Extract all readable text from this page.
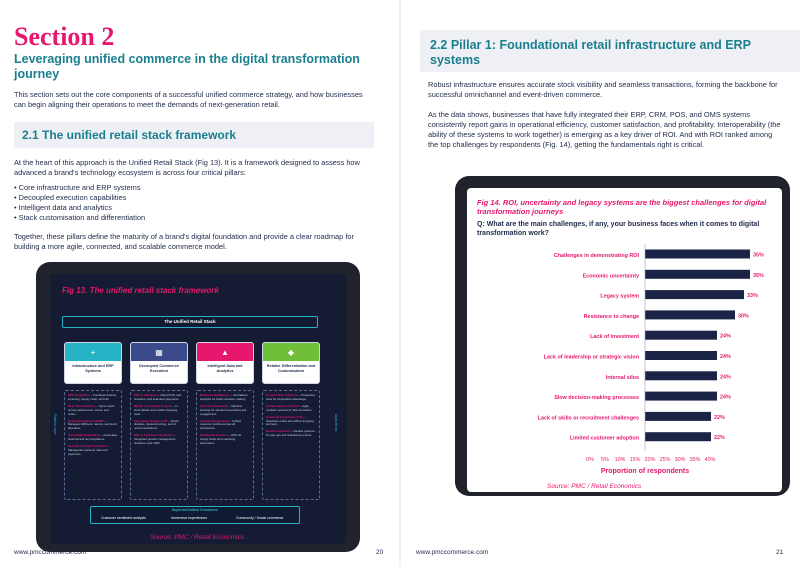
Section 2
Leveraging unified commerce in the digital transformation journey
This section sets out the core components of a successful unified commerce strategy, and how businesses can begin aligning their operations to meet the demands of next-generation retail.
2.1 The unified retail stack framework
At the heart of this approach is the Unified Retail Stack (Fig 13). It is a framework designed to assess how advanced a brand's technology ecosystem is across four critical pillars:
• Core infrastructure and ERP systems
• Decoupled execution capabilities
• Intelligent data and analytics
• Stack customisation and differentiation
Together, these pillars define the maturity of a brand's digital foundation and provide a clear roadmap for building a more agile, connected, and scalable commerce model.
Fig 13. The unified retail stack framework
The Unified Retail Stack
Platform Layer	Applications
+
Infrastructure and ERP Systems
▦
Decoupled Commerce Execution
▲
Intelligent Data and Analytics
◆
Retailer Differentiation and Customisation

ERP Integration – Combines finance, inventory, supply chain, and HR.

Real-Time Inventory – Syncs stock across warehouses, stores, and online.

Order Management (OMS) – Manages fulfilment, returns, and stock allocation.

Automated Compliance – Automates financial and tax compliance.

Security & Fraud Prevention – Safeguards customer data and payments.

POS & Checkout – Cloud POS, self-checkout, and seamless payments.

Mobile & Customer Devices – In-store tablets and mobile shopping tools.

Experience Engine & AP – Smart displays, dynamic pricing, and AI recommendations.

Web & Commerce Platforms – Integrated product management, checkout, and CRM.

Business Intelligence – Centralised analytics for better decision-making.

AI & Personalisation – Machine learning for demand forecasting and engagement.

Identity Management – Unified customer profiles across all touchpoints.

Distributed Services – APIs for supply chain and marketing automation.

Custom Tech Solutions – Proprietary tools for competitive advantage.

Composable Commerce – Agile, modular systems for fast innovation.

Customer Experience (CX) – Seamless online and offline shopping journeys.

Brand Commerce – Flexible systems for pop-ups and limited-time events.

Superior/Unified Commerce
Customer sentiment analysis	Immersive experiences	Community / Social commerce
Source: PMC / Retail Economics
www.pmccommerce.com	20
2.2 Pillar 1: Foundational retail infrastructure and ERP systems
Robust infrastructure ensures accurate stock visibility and seamless transactions, forming the backbone for successful omnichannel and event-driven commerce.
As the data shows, businesses that have fully integrated their ERP, CRM, POS, and OMS systems consistently report gains in operational efficiency, customer satisfaction, and profitability. Interoperability (the ability of these systems to work together) is emerging as a key driver of ROI. And with ROI ranked among the top challenges by respondents (Fig. 14), getting the fundamentals right is critical.
Fig 14. ROI, uncertainty and legacy systems are the biggest challenges for digital transformation journeys
Q: What are the main challenges, if any, your business faces when it comes to digital transformation work?
Challenges in demonstrating ROI	35%
Economic uncertainty	35%
Legacy system	33%
Resistance to change	30%
Lack of investment	24%
Lack of leadership or strategic vision	24%
Internal silos	24%
Slow decision-making processes	24%
Lack of skills or recruitment challenges	22%
Limited customer adoption	22%
0% 5% 10% 15% 20% 25% 30% 35% 40%
Proportion of respondents
Source: PMC / Retail Economics
www.pmccommerce.com	21
